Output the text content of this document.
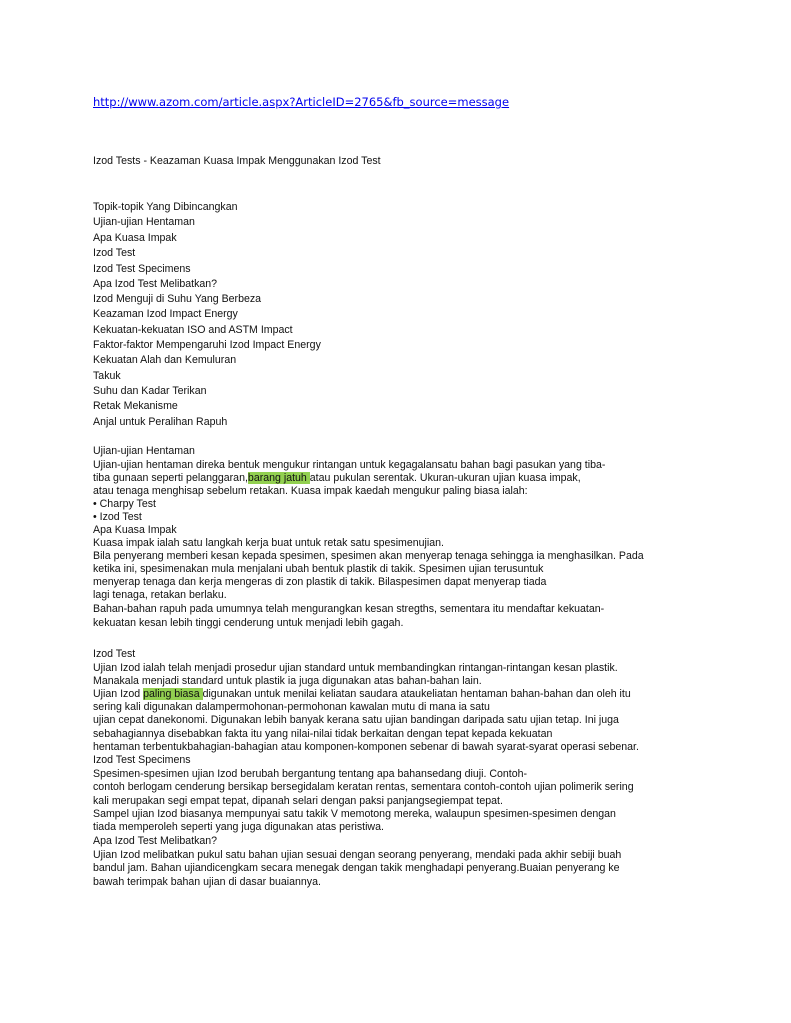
http://www.azom.com/article.aspx?ArticleID=2765&fb_source=message
Izod Tests - Keazaman Kuasa Impak Menggunakan Izod Test
Topik-topik Yang Dibincangkan
Ujian-ujian Hentaman
Apa Kuasa Impak
Izod Test
Izod Test Specimens
Apa Izod Test Melibatkan?
Izod Menguji di Suhu Yang Berbeza
Keazaman Izod Impact Energy
Kekuatan-kekuatan ISO and ASTM Impact
Faktor-faktor Mempengaruhi Izod Impact Energy
Kekuatan Alah dan Kemuluran
Takuk
Suhu dan Kadar Terikan
Retak Mekanisme
Anjal untuk Peralihan Rapuh
Ujian-ujian Hentaman
Ujian-ujian hentaman direka bentuk mengukur rintangan untuk kegagalansatu bahan bagi pasukan yang tiba-
tiba gunaan seperti pelanggaran,barang jatuh atau pukulan serentak. Ukuran-ukuran ujian kuasa impak,
atau tenaga menghisap sebelum retakan. Kuasa impak kaedah mengukur paling biasa ialah:
• Charpy Test
• Izod Test
Apa Kuasa Impak
Kuasa impak ialah satu langkah kerja buat untuk retak satu spesimenujian.
Bila penyerang memberi kesan kepada spesimen, spesimen akan menyerap tenaga sehingga ia menghasilkan. Pada
ketika ini, spesimenakan mula menjalani ubah bentuk plastik di takik. Spesimen ujian terusuntuk
menyerap tenaga dan kerja mengeras di zon plastik di takik. Bilaspesimen dapat menyerap tiada
lagi tenaga, retakan berlaku.
Bahan-bahan rapuh pada umumnya telah mengurangkan kesan stregths, sementara itu mendaftar kekuatan-
kekuatan kesan lebih tinggi cenderung untuk menjadi lebih gagah.
Izod Test
Ujian Izod ialah telah menjadi prosedur ujian standard untuk membandingkan rintangan-rintangan kesan plastik.
Manakala menjadi standard untuk plastik ia juga digunakan atas bahan-bahan lain.
Ujian Izod paling biasa digunakan untuk menilai keliatan saudara ataukeliatan hentaman bahan-bahan dan oleh itu
sering kali digunakan dalampermohonan-permohonan kawalan mutu di mana ia satu
ujian cepat danekonomi. Digunakan lebih banyak kerana satu ujian bandingan daripada satu ujian tetap. Ini juga
sebahagiannya disebabkan fakta itu yang nilai-nilai tidak berkaitan dengan tepat kepada kekuatan
hentaman terbentukbahagian-bahagian atau komponen-komponen sebenar di bawah syarat-syarat operasi sebenar.
Izod Test Specimens
Spesimen-spesimen ujian Izod berubah bergantung tentang apa bahansedang diuji. Contoh-
contoh berlogam cenderung bersikap bersegidalam keratan rentas, sementara contoh-contoh ujian polimerik sering
kali merupakan segi empat tepat, dipanah selari dengan paksi panjangsegiempat tepat.
Sampel ujian Izod biasanya mempunyai satu takik V memotong mereka, walaupun spesimen-spesimen dengan
tiada memperoleh seperti yang juga digunakan atas peristiwa.
Apa Izod Test Melibatkan?
Ujian Izod melibatkan pukul satu bahan ujian sesuai dengan seorang penyerang, mendaki pada akhir sebiji buah
bandul jam. Bahan ujiandicengkam secara menegak dengan takik menghadapi penyerang.Buaian penyerang ke
bawah terimpak bahan ujian di dasar buaiannya.
